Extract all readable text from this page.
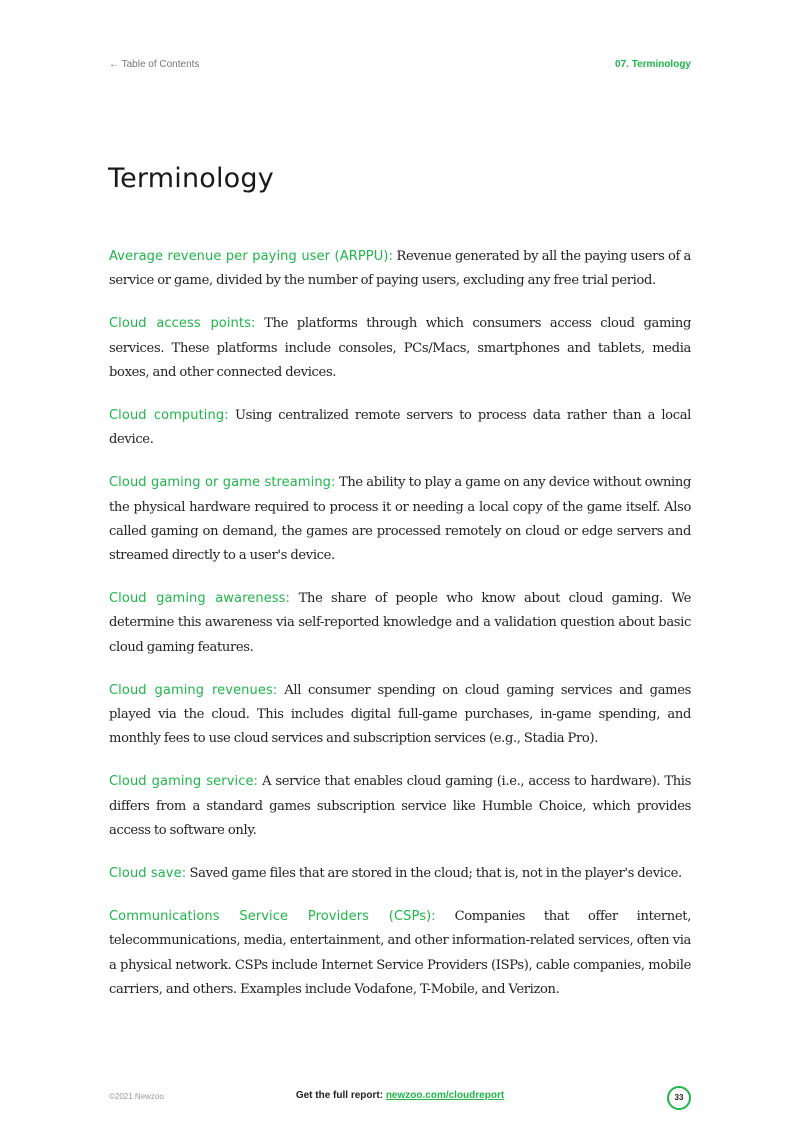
← Table of Contents	07. Terminology
Terminology

Average revenue per paying user (ARPPU): Revenue generated by all the paying users of a service or game, divided by the number of paying users, excluding any free trial period.

Cloud access points: The platforms through which consumers access cloud gaming services. These platforms include consoles, PCs/Macs, smartphones and tablets, media boxes, and other connected devices.

Cloud computing: Using centralized remote servers to process data rather than a local device.

Cloud gaming or game streaming: The ability to play a game on any device without owning the physical hardware required to process it or needing a local copy of the game itself. Also called gaming on demand, the games are processed remotely on cloud or edge servers and streamed directly to a user's device.

Cloud gaming awareness: The share of people who know about cloud gaming. We determine this awareness via self-reported knowledge and a validation question about basic cloud gaming features.

Cloud gaming revenues: All consumer spending on cloud gaming services and games played via the cloud. This includes digital full-game purchases, in-game spending, and monthly fees to use cloud services and subscription services (e.g., Stadia Pro).

Cloud gaming service: A service that enables cloud gaming (i.e., access to hardware). This differs from a standard games subscription service like Humble Choice, which provides access to software only.

Cloud save: Saved game files that are stored in the cloud; that is, not in the player's device.

Communications Service Providers (CSPs): Companies that offer internet, telecommunications, media, entertainment, and other information-related services, often via a physical network. CSPs include Internet Service Providers (ISPs), cable companies, mobile carriers, and others. Examples include Vodafone, T-Mobile, and Verizon.

©2021 Newzoo	Get the full report: newzoo.com/cloudreport	33
